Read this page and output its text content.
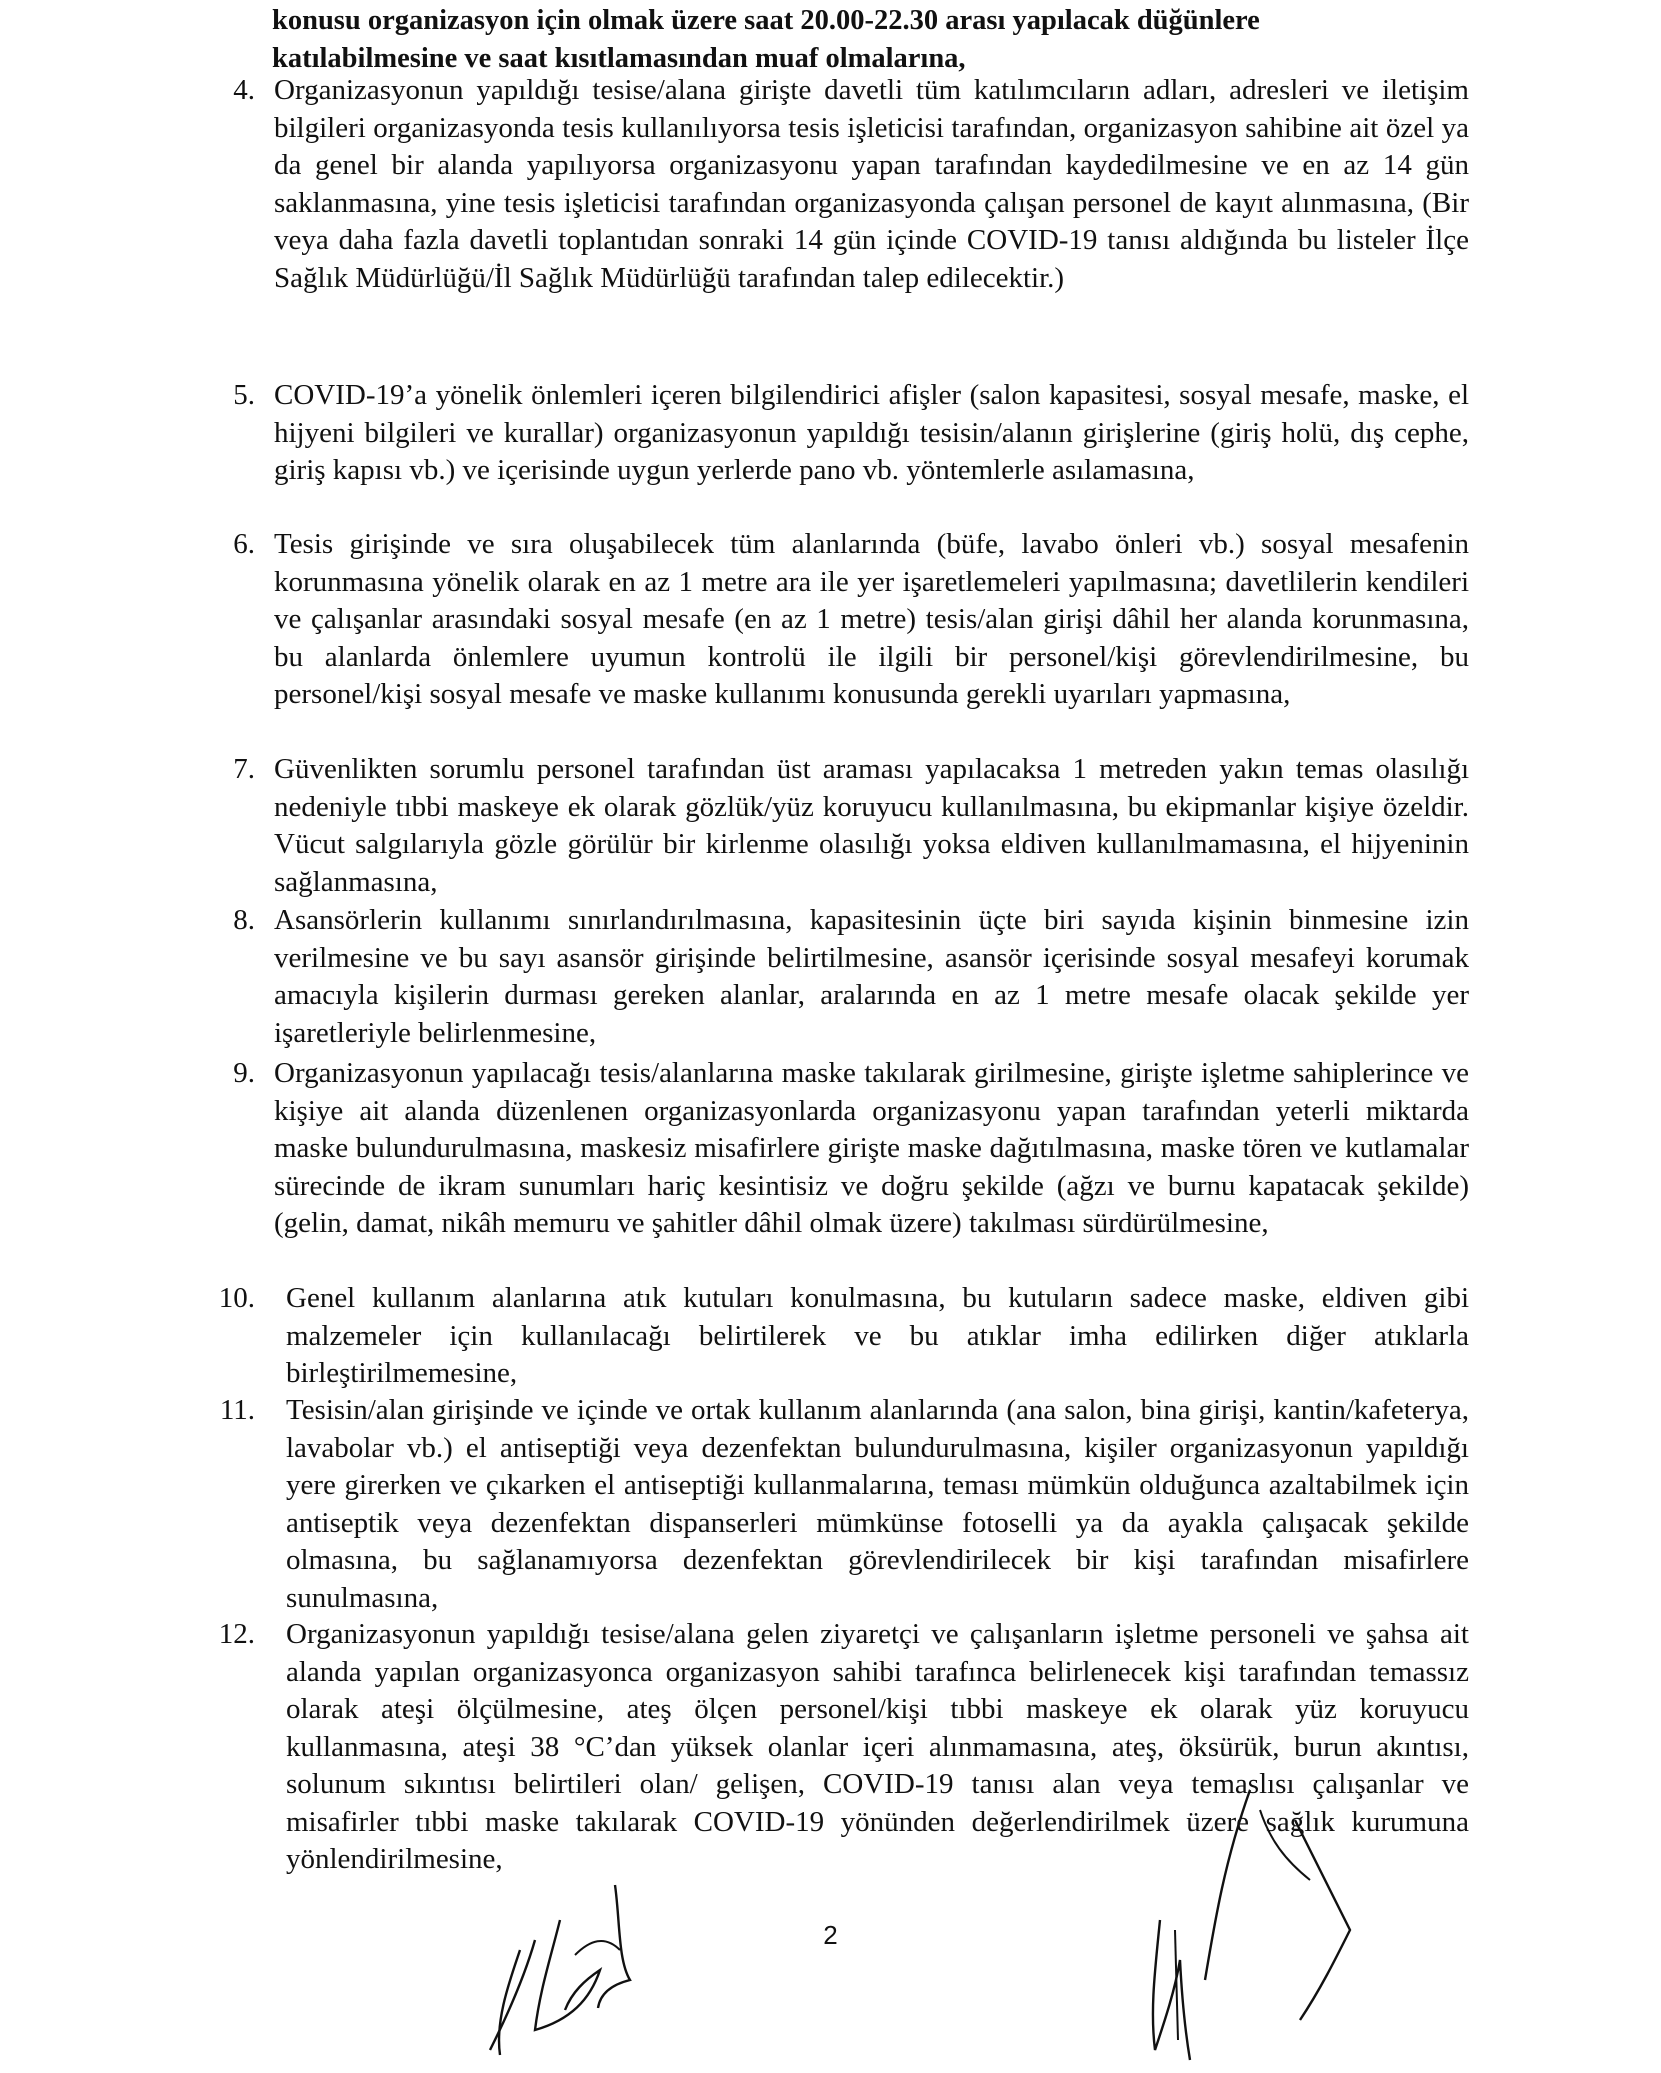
konusu organizasyon için olmak üzere saat 20.00-22.30 arası yapılacak düğünlere

katılabilmesine ve saat kısıtlamasından muaf olmalarına,

4. Organizasyonun yapıldığı tesise/alana girişte davetli tüm katılımcıların adları, adresleri ve iletişim bilgileri organizasyonda tesis kullanılıyorsa tesis işleticisi tarafından, organizasyon sahibine ait özel ya da genel bir alanda yapılıyorsa organizasyonu yapan tarafından kaydedilmesine ve en az 14 gün saklanmasına, yine tesis işleticisi tarafından organizasyonda çalışan personel de kayıt alınmasına, (Bir veya daha fazla davetli toplantıdan sonraki 14 gün içinde COVID-19 tanısı aldığında bu listeler İlçe Sağlık Müdürlüğü/İl Sağlık Müdürlüğü tarafından talep edilecektir.)
5. COVID-19’a yönelik önlemleri içeren bilgilendirici afişler (salon kapasitesi, sosyal mesafe, maske, el hijyeni bilgileri ve kurallar) organizasyonun yapıldığı tesisin/alanın girişlerine (giriş holü, dış cephe, giriş kapısı vb.) ve içerisinde uygun yerlerde pano vb. yöntemlerle asılamasına,
6. Tesis girişinde ve sıra oluşabilecek tüm alanlarında (büfe, lavabo önleri vb.) sosyal mesafenin korunmasına yönelik olarak en az 1 metre ara ile yer işaretlemeleri yapılmasına; davetlilerin kendileri ve çalışanlar arasındaki sosyal mesafe (en az 1 metre) tesis/alan girişi dâhil her alanda korunmasına, bu alanlarda önlemlere uyumun kontrolü ile ilgili bir personel/kişi görevlendirilmesine, bu personel/kişi sosyal mesafe ve maske kullanımı konusunda gerekli uyarıları yapmasına,
7. Güvenlikten sorumlu personel tarafından üst araması yapılacaksa 1 metreden yakın temas olasılığı nedeniyle tıbbi maskeye ek olarak gözlük/yüz koruyucu kullanılmasına, bu ekipmanlar kişiye özeldir. Vücut salgılarıyla gözle görülür bir kirlenme olasılığı yoksa eldiven kullanılmamasına, el hijyeninin sağlanmasına,
8. Asansörlerin kullanımı sınırlandırılmasına, kapasitesinin üçte biri sayıda kişinin binmesine izin verilmesine ve bu sayı asansör girişinde belirtilmesine, asansör içerisinde sosyal mesafeyi korumak amacıyla kişilerin durması gereken alanlar, aralarında en az 1 metre mesafe olacak şekilde yer işaretleriyle belirlenmesine,
9. Organizasyonun yapılacağı tesis/alanlarına maske takılarak girilmesine, girişte işletme sahiplerince ve kişiye ait alanda düzenlenen organizasyonlarda organizasyonu yapan tarafından yeterli miktarda maske bulundurulmasına, maskesiz misafirlere girişte maske dağıtılmasına, maske tören ve kutlamalar sürecinde de ikram sunumları hariç kesintisiz ve doğru şekilde (ağzı ve burnu kapatacak şekilde)(gelin, damat, nikâh memuru ve şahitler dâhil olmak üzere) takılması sürdürülmesine,
10. Genel kullanım alanlarına atık kutuları konulmasına, bu kutuların sadece maske, eldiven gibi malzemeler için kullanılacağı belirtilerek ve bu atıklar imha edilirken diğer atıklarla birleştirilmemesine,
11. Tesisin/alan girişinde ve içinde ve ortak kullanım alanlarında (ana salon, bina girişi, kantin/kafeterya, lavabolar vb.) el antiseptiği veya dezenfektan bulundurulmasına, kişiler organizasyonun yapıldığı yere girerken ve çıkarken el antiseptiği kullanmalarına, teması mümkün olduğunca azaltabilmek için antiseptik veya dezenfektan dispanserleri mümkünse fotoselli ya da ayakla çalışacak şekilde olmasına, bu sağlanamıyorsa dezenfektan görevlendirilecek bir kişi tarafından misafirlere sunulmasına,
12. Organizasyonun yapıldığı tesise/alana gelen ziyaretçi ve çalışanların işletme personeli ve şahsa ait alanda yapılan organizasyonca organizasyon sahibi tarafınca belirlenecek kişi tarafından temassız olarak ateşi ölçülmesine, ateş ölçen personel/kişi tıbbi maskeye ek olarak yüz koruyucu kullanmasına, ateşi 38 °C’dan yüksek olanlar içeri alınmamasına, ateş, öksürük, burun akıntısı, solunum sıkıntısı belirtileri olan/ gelişen, COVID-19 tanısı alan veya temaslısı çalışanlar ve misafirler tıbbi maske takılarak COVID-19 yönünden değerlendirilmek üzere sağlık kurumuna yönlendirilmesine,
2
